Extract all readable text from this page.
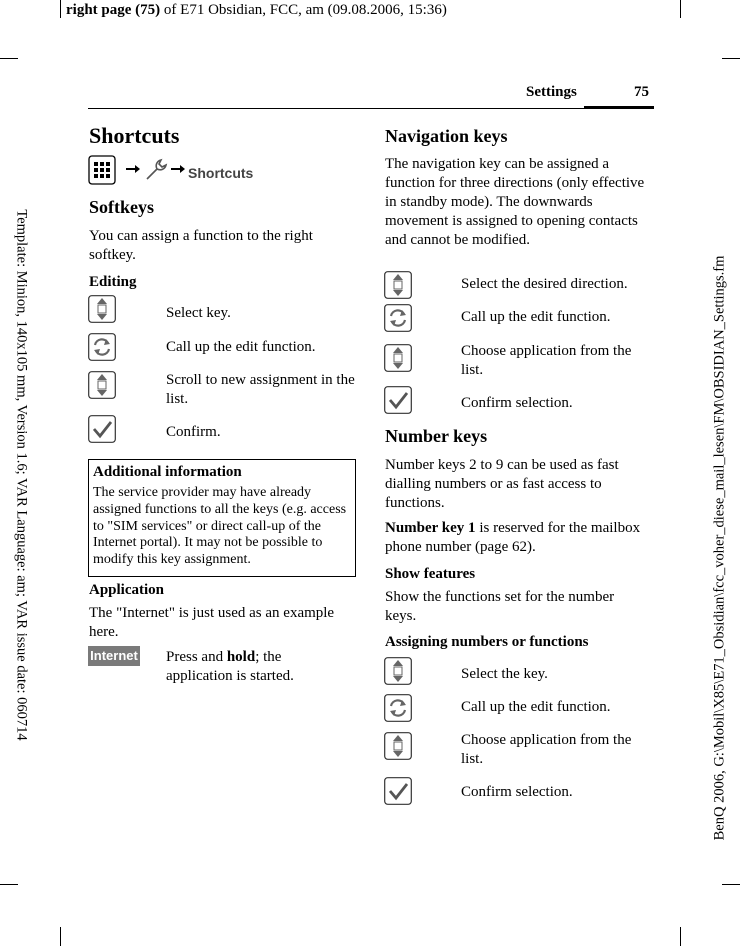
right page (75) of E71 Obsidian, FCC, am (09.08.2006, 15:36)
Template: Minion, 140x105 mm, Version 1.6; VAR Language: am; VAR issue date: 060714	BenQ 2006, G:\Mobil\X85\E71_Obsidian\fcc_voher_diese_mail_lesen\FM\OBSIDIAN_Settings.fm
Settings	75
Shortcuts
Shortcuts
Softkeys
You can assign a function to the right softkey.
Editing
Select key.
Call up the edit function.
Scroll to new assignment in the list.
Confirm.
Additional information
The service provider may have already assigned functions to all the keys (e.g. access to "SIM services" or direct call-up of the Internet portal). It may not be possible to modify this key assignment.
Application
The "Internet" is just used as an example here.
Internet Press and hold; the application is started.
Navigation keys
The navigation key can be assigned a function for three directions (only effective in standby mode). The downwards movement is assigned to opening contacts and cannot be modified.
Select the desired direction.
Call up the edit function.
Choose application from the list.
Confirm selection.
Number keys
Number keys 2 to 9 can be used as fast dialling numbers or as fast access to functions.
Number key 1 is reserved for the mailbox phone number (page 62).
Show features
Show the functions set for the number keys.
Assigning numbers or functions
Select the key.
Call up the edit function.
Choose application from the list.
Confirm selection.
